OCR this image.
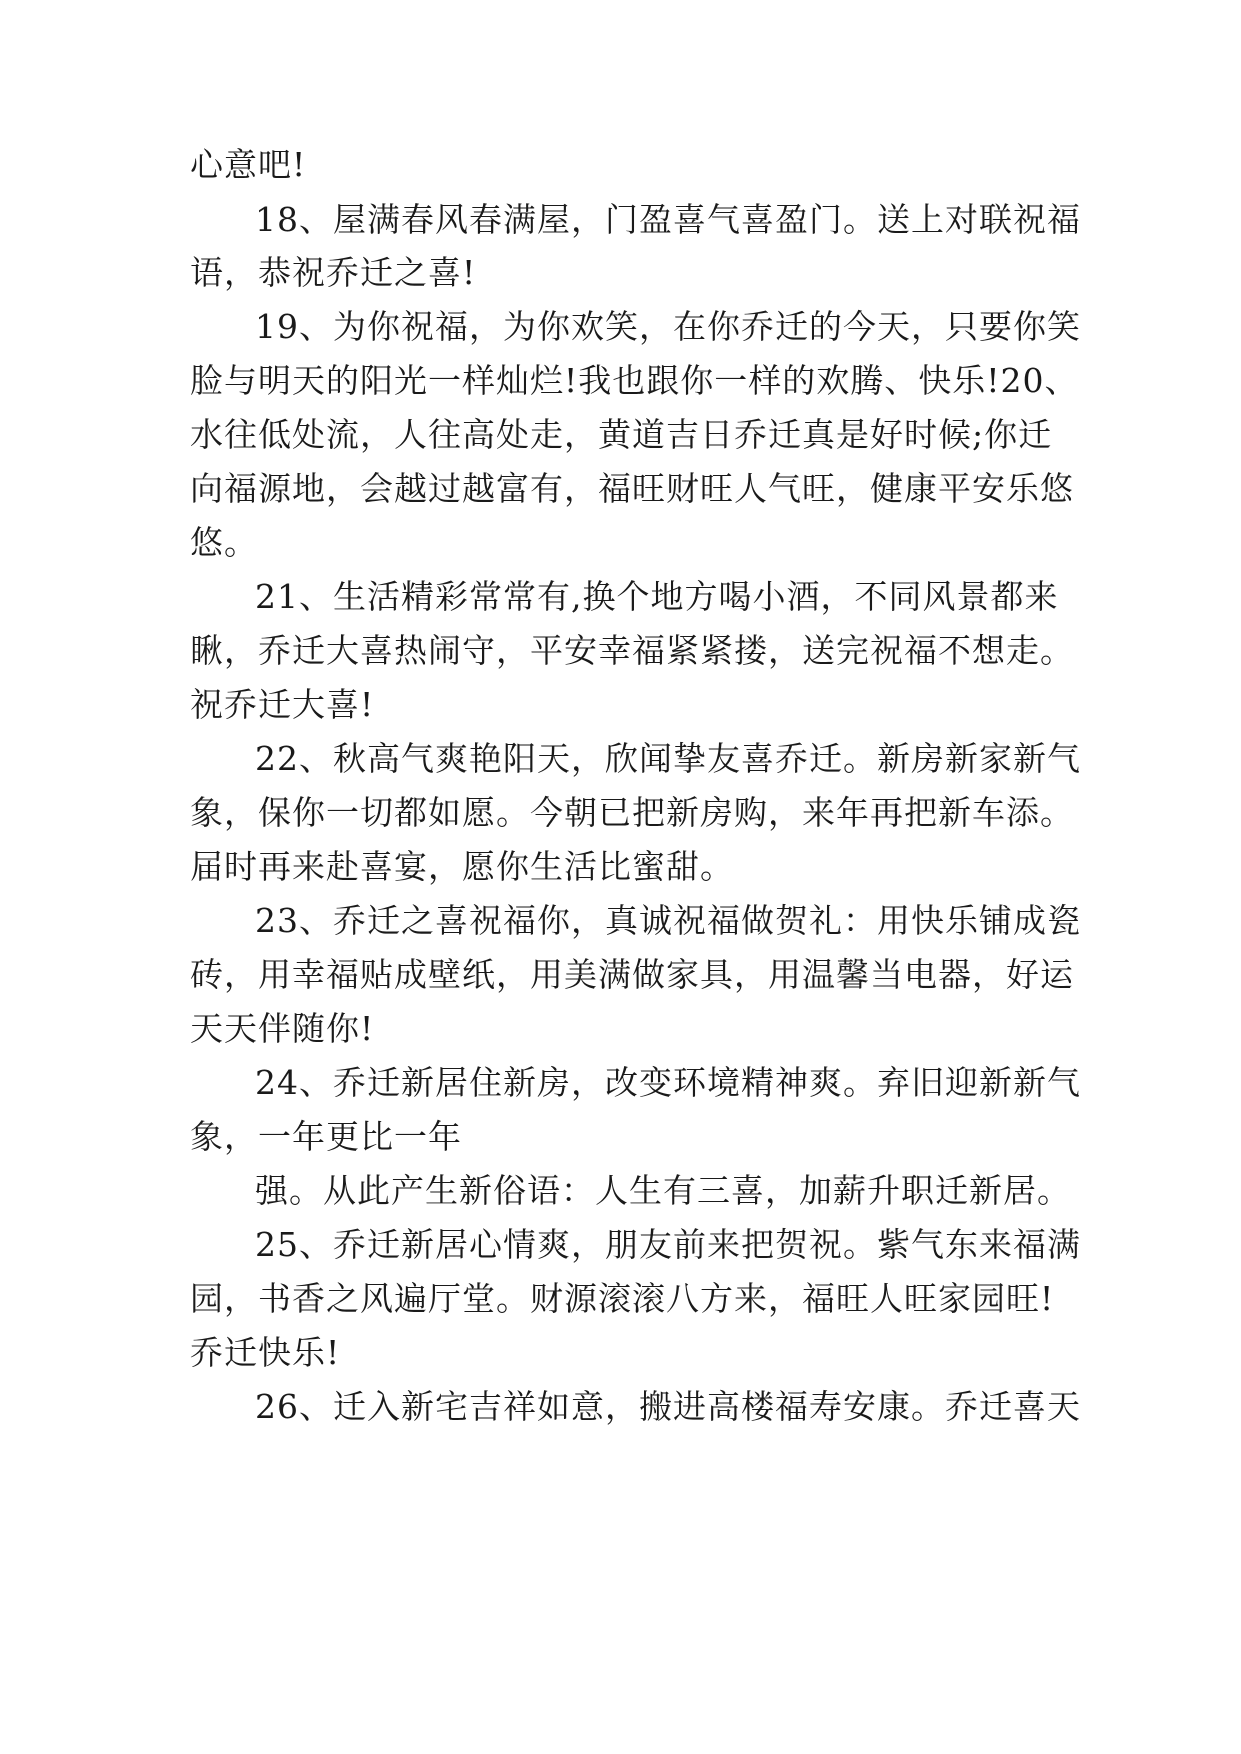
心意吧!
18、屋满春风春满屋，门盈喜气喜盈门。送上对联祝福
语，恭祝乔迁之喜!
19、为你祝福，为你欢笑，在你乔迁的今天，只要你笑
脸与明天的阳光一样灿烂!我也跟你一样的欢腾、快乐!20、
水往低处流，人往高处走，黄道吉日乔迁真是好时候;你迁
向福源地，会越过越富有，福旺财旺人气旺，健康平安乐悠
悠。
21、生活精彩常常有,换个地方喝小酒，不同风景都来
瞅，乔迁大喜热闹守，平安幸福紧紧搂，送完祝福不想走。
祝乔迁大喜!
22、秋高气爽艳阳天，欣闻挚友喜乔迁。新房新家新气
象，保你一切都如愿。今朝已把新房购，来年再把新车添。
届时再来赴喜宴，愿你生活比蜜甜。
23、乔迁之喜祝福你，真诚祝福做贺礼：用快乐铺成瓷
砖，用幸福贴成壁纸，用美满做家具，用温馨当电器，好运
天天伴随你!
24、乔迁新居住新房，改变环境精神爽。弃旧迎新新气
象，一年更比一年
强。从此产生新俗语：人生有三喜，加薪升职迁新居。
25、乔迁新居心情爽，朋友前来把贺祝。紫气东来福满
园，书香之风遍厅堂。财源滚滚八方来，福旺人旺家园旺!
乔迁快乐!
26、迁入新宅吉祥如意，搬进高楼福寿安康。乔迁喜天
